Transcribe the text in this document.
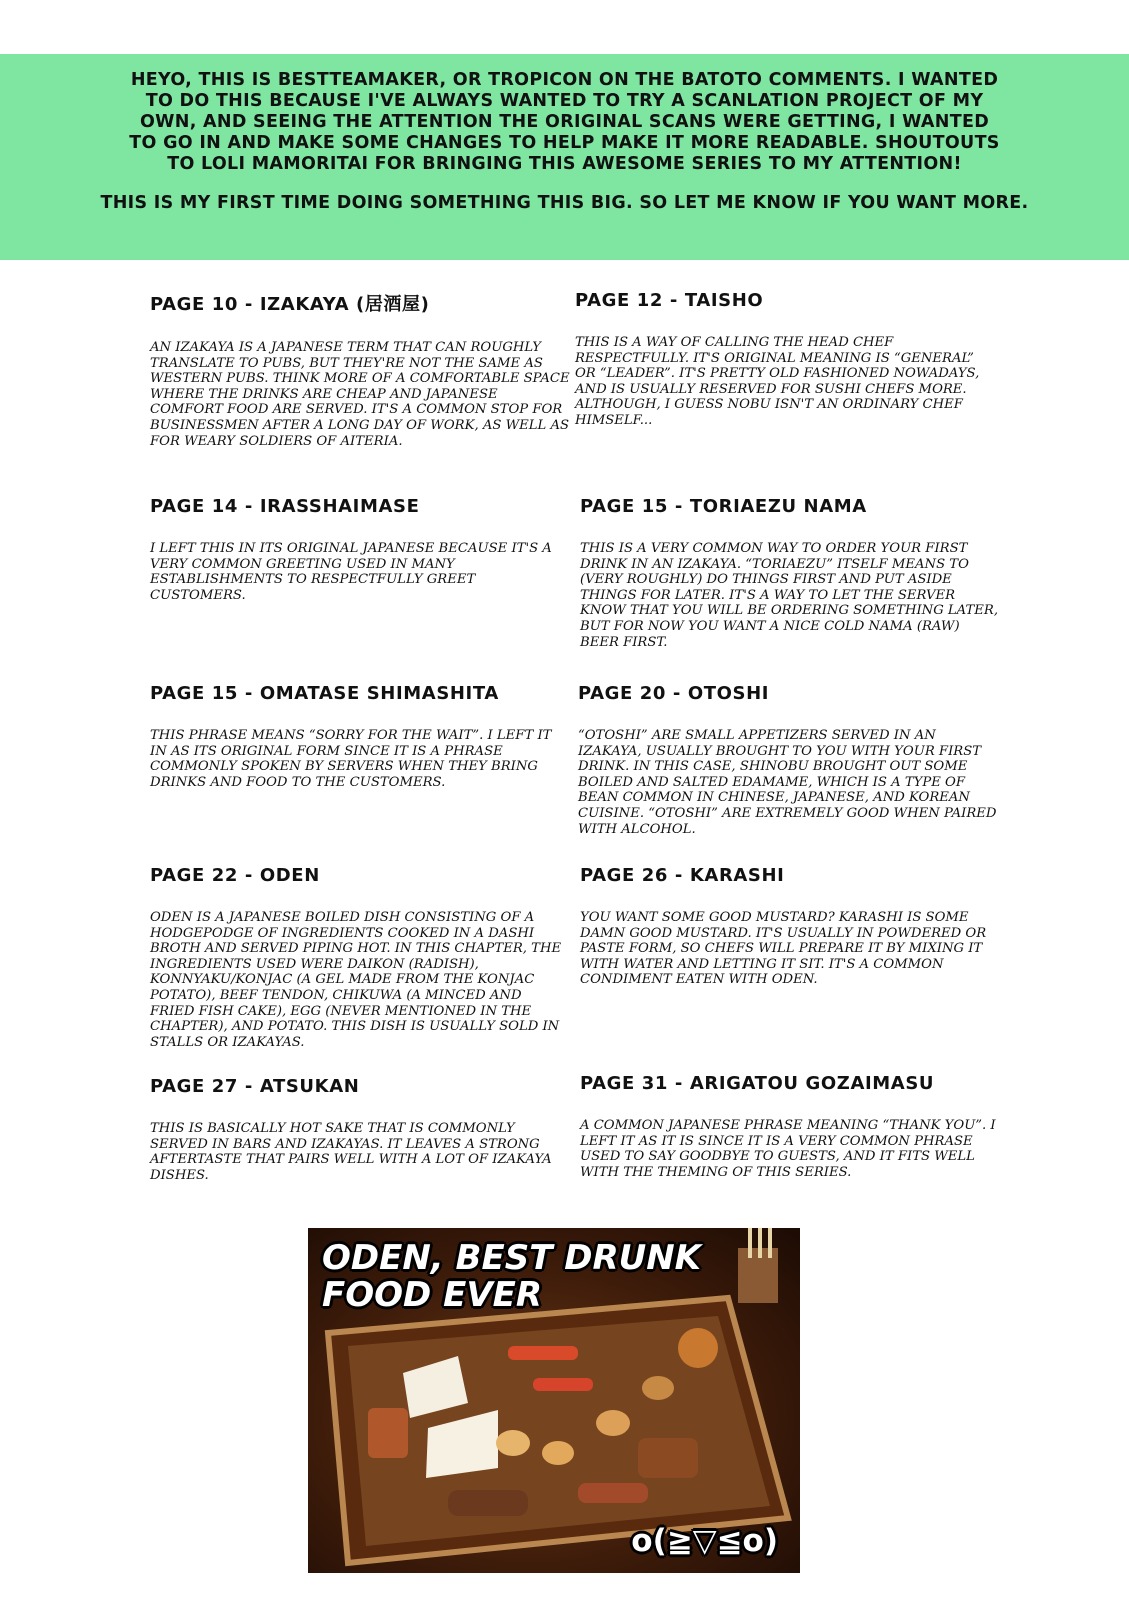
HEYO, THIS IS BESTTEAMAKER, OR TROPICON ON THE BATOTO COMMENTS. I WANTED TO DO THIS BECAUSE I'VE ALWAYS WANTED TO TRY A SCANLATION PROJECT OF MY OWN, AND SEEING THE ATTENTION THE ORIGINAL SCANS WERE GETTING, I WANTED TO GO IN AND MAKE SOME CHANGES TO HELP MAKE IT MORE READABLE. SHOUTOUTS TO LOLI MAMORITAI FOR BRINGING THIS AWESOME SERIES TO MY ATTENTION!

THIS IS MY FIRST TIME DOING SOMETHING THIS BIG. SO LET ME KNOW IF YOU WANT MORE.

PAGE 10 - IZAKAYA (居酒屋)

AN IZAKAYA IS A JAPANESE TERM THAT CAN ROUGHLY TRANSLATE TO PUBS, BUT THEY'RE NOT THE SAME AS WESTERN PUBS. THINK MORE OF A COMFORTABLE SPACE WHERE THE DRINKS ARE CHEAP AND JAPANESE COMFORT FOOD ARE SERVED. IT'S A COMMON STOP FOR BUSINESSMEN AFTER A LONG DAY OF WORK, AS WELL AS FOR WEARY SOLDIERS OF AITERIA.

PAGE 12 - TAISHO

THIS IS A WAY OF CALLING THE HEAD CHEF RESPECTFULLY. IT'S ORIGINAL MEANING IS “GENERAL” OR “LEADER”. IT'S PRETTY OLD FASHIONED NOWADAYS, AND IS USUALLY RESERVED FOR SUSHI CHEFS MORE. ALTHOUGH, I GUESS NOBU ISN'T AN ORDINARY CHEF HIMSELF...

PAGE 14 - IRASSHAIMASE

I LEFT THIS IN ITS ORIGINAL JAPANESE BECAUSE IT'S A VERY COMMON GREETING USED IN MANY ESTABLISHMENTS TO RESPECTFULLY GREET CUSTOMERS.

PAGE 15 - TORIAEZU NAMA

THIS IS A VERY COMMON WAY TO ORDER YOUR FIRST DRINK IN AN IZAKAYA. “TORIAEZU” ITSELF MEANS TO (VERY ROUGHLY) DO THINGS FIRST AND PUT ASIDE THINGS FOR LATER. IT'S A WAY TO LET THE SERVER KNOW THAT YOU WILL BE ORDERING SOMETHING LATER, BUT FOR NOW YOU WANT A NICE COLD NAMA (RAW) BEER FIRST.

PAGE 15 - OMATASE SHIMASHITA

THIS PHRASE MEANS “SORRY FOR THE WAIT”. I LEFT IT IN AS ITS ORIGINAL FORM SINCE IT IS A PHRASE COMMONLY SPOKEN BY SERVERS WHEN THEY BRING DRINKS AND FOOD TO THE CUSTOMERS.

PAGE 20 - OTOSHI

“OTOSHI” ARE SMALL APPETIZERS SERVED IN AN IZAKAYA, USUALLY BROUGHT TO YOU WITH YOUR FIRST DRINK. IN THIS CASE, SHINOBU BROUGHT OUT SOME BOILED AND SALTED EDAMAME, WHICH IS A TYPE OF BEAN COMMON IN CHINESE, JAPANESE, AND KOREAN CUISINE. “OTOSHI” ARE EXTREMELY GOOD WHEN PAIRED WITH ALCOHOL.

PAGE 22 - ODEN

ODEN IS A JAPANESE BOILED DISH CONSISTING OF A HODGEPODGE OF INGREDIENTS COOKED IN A DASHI BROTH AND SERVED PIPING HOT. IN THIS CHAPTER, THE INGREDIENTS USED WERE DAIKON (RADISH), KONNYAKU/KONJAC (A GEL MADE FROM THE KONJAC POTATO), BEEF TENDON, CHIKUWA (A MINCED AND FRIED FISH CAKE), EGG (NEVER MENTIONED IN THE CHAPTER), AND POTATO. THIS DISH IS USUALLY SOLD IN STALLS OR IZAKAYAS.

PAGE 26 - KARASHI

YOU WANT SOME GOOD MUSTARD? KARASHI IS SOME DAMN GOOD MUSTARD. IT'S USUALLY IN POWDERED OR PASTE FORM, SO CHEFS WILL PREPARE IT BY MIXING IT WITH WATER AND LETTING IT SIT. IT'S A COMMON CONDIMENT EATEN WITH ODEN.

PAGE 27 - ATSUKAN

THIS IS BASICALLY HOT SAKE THAT IS COMMONLY SERVED IN BARS AND IZAKAYAS. IT LEAVES A STRONG AFTERTASTE THAT PAIRS WELL WITH A LOT OF IZAKAYA DISHES.

PAGE 31 - ARIGATOU GOZAIMASU

A COMMON JAPANESE PHRASE MEANING “THANK YOU”. I LEFT IT AS IT IS SINCE IT IS A VERY COMMON PHRASE USED TO SAY GOODBYE TO GUESTS, AND IT FITS WELL WITH THE THEMING OF THIS SERIES.

ODEN, BEST DRUNK FOOD EVER

o(≧▽≦o)
